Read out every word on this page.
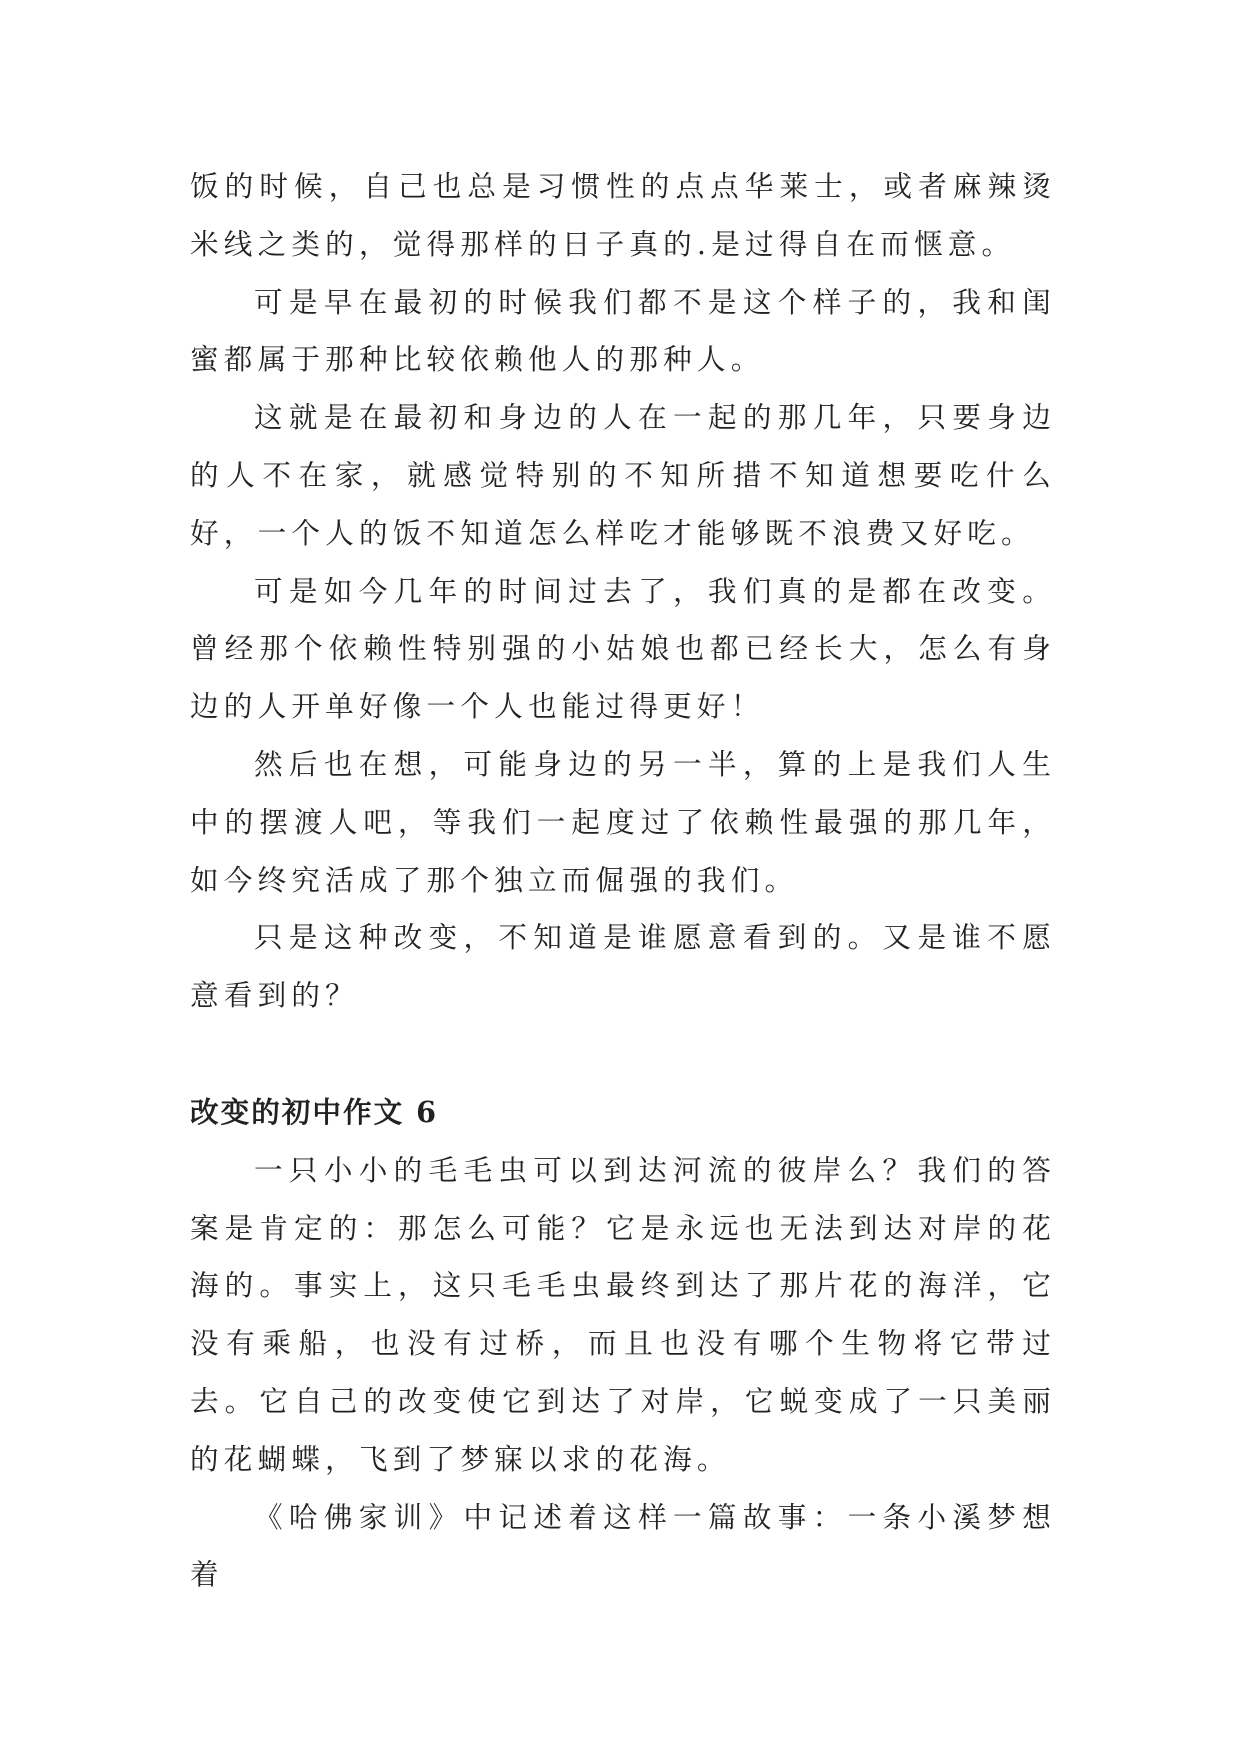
饭的时候，自己也总是习惯性的点点华莱士，或者麻辣烫米线之类的，觉得那样的日子真的.是过得自在而惬意。

可是早在最初的时候我们都不是这个样子的，我和闺蜜都属于那种比较依赖他人的那种人。

这就是在最初和身边的人在一起的那几年，只要身边的人不在家，就感觉特别的不知所措不知道想要吃什么好，一个人的饭不知道怎么样吃才能够既不浪费又好吃。

可是如今几年的时间过去了，我们真的是都在改变。曾经那个依赖性特别强的小姑娘也都已经长大，怎么有身边的人开单好像一个人也能过得更好！

然后也在想，可能身边的另一半，算的上是我们人生中的摆渡人吧，等我们一起度过了依赖性最强的那几年，如今终究活成了那个独立而倔强的我们。

只是这种改变，不知道是谁愿意看到的。又是谁不愿意看到的？

改变的初中作文 6

一只小小的毛毛虫可以到达河流的彼岸么？我们的答案是肯定的：那怎么可能？它是永远也无法到达对岸的花海的。事实上，这只毛毛虫最终到达了那片花的海洋，它没有乘船，也没有过桥，而且也没有哪个生物将它带过去。它自己的改变使它到达了对岸，它蜕变成了一只美丽的花蝴蝶，飞到了梦寐以求的花海。

《哈佛家训》中记述着这样一篇故事：一条小溪梦想着
